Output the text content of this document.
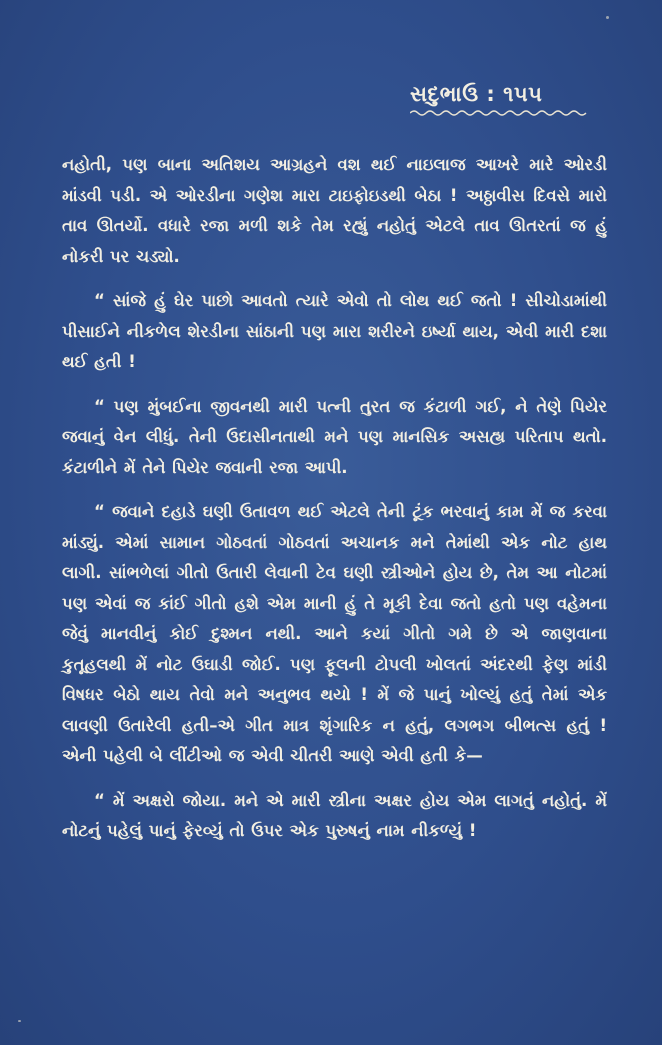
સદુભાઉ : ૧૫૫

નહોતી, પણ બાના અતિશય આગ્રહને વશ થઈ નાઇલાજ આખરે મારે ઓરડી માંડવી પડી. એ ઓરડીના ગણેશ મારા ટાઇફોઇડથી બેઠા ! અઠ્ઠાવીસ દિવસે મારો તાવ ઊતર્યો. વધારે રજા મળી શકે તેમ રહ્યું નહોતું એટલે તાવ ઊતરતાં જ હું નોકરી પર ચડ્યો.

“ સાંજે હું ઘેર પાછો આવતો ત્યારે એવો તો લોથ થઈ જતો ! સીચોડામાંથી પીસાઈને નીકળેલ શેરડીના સાંઠાની પણ મારા શરીરને ઇર્ષ્યા થાય, એવી મારી દશા થઈ હતી !

“ પણ મુંબઈના જીવનથી મારી પત્ની તુરત જ કંટાળી ગઈ, ને તેણે પિયેર જવાનું વેન લીધું. તેની ઉદાસીનતાથી મને પણ માનસિક અસહ્ય પરિતાપ થતો. કંટાળીને મેં તેને પિયેર જવાની રજા આપી.

“ જવાને દહાડે ઘણી ઉતાવળ થઈ એટલે તેની ટૂંક ભરવાનું કામ મેં જ કરવા માંડ્યું. એમાં સામાન ગોઠવતાં ગોઠવતાં અચાનક મને તેમાંથી એક નોટ હાથ લાગી. સાંભળેલાં ગીતો ઉતારી લેવાની ટેવ ઘણી સ્ત્રીઓને હોય છે, તેમ આ નોટમાં પણ એવાં જ કાંઈ ગીતો હશે એમ માની હું તે મૂકી દેવા જતો હતો પણ વહેમના જેવું માનવીનું કોઈ દુશ્મન નથી. આને કયાં ગીતો ગમે છે એ જાણવાના કુતૂહલથી મેં નોટ ઉઘાડી જોઈ. પણ ફૂલની ટોપલી ખોલતાં અંદરથી ફેણ માંડી વિષધર બેઠો થાય તેવો મને અનુભવ થયો ! મેં જે પાનું ખોલ્યું હતું તેમાં એક લાવણી ઉતારેલી હતી–એ ગીત માત્ર શૃંગારિક ન હતું, લગભગ બીભત્સ હતું ! એની પહેલી બે લીંટીઓ જ એવી ચીતરી આણે એવી હતી કે—

“ મેં અક્ષરો જોયા. મને એ મારી સ્ત્રીના અક્ષર હોય એમ લાગતું નહોતું. મેં નોટનું પહેલું પાનું ફેરવ્યું તો ઉપર એક પુરુષનું નામ નીકળ્યું !
